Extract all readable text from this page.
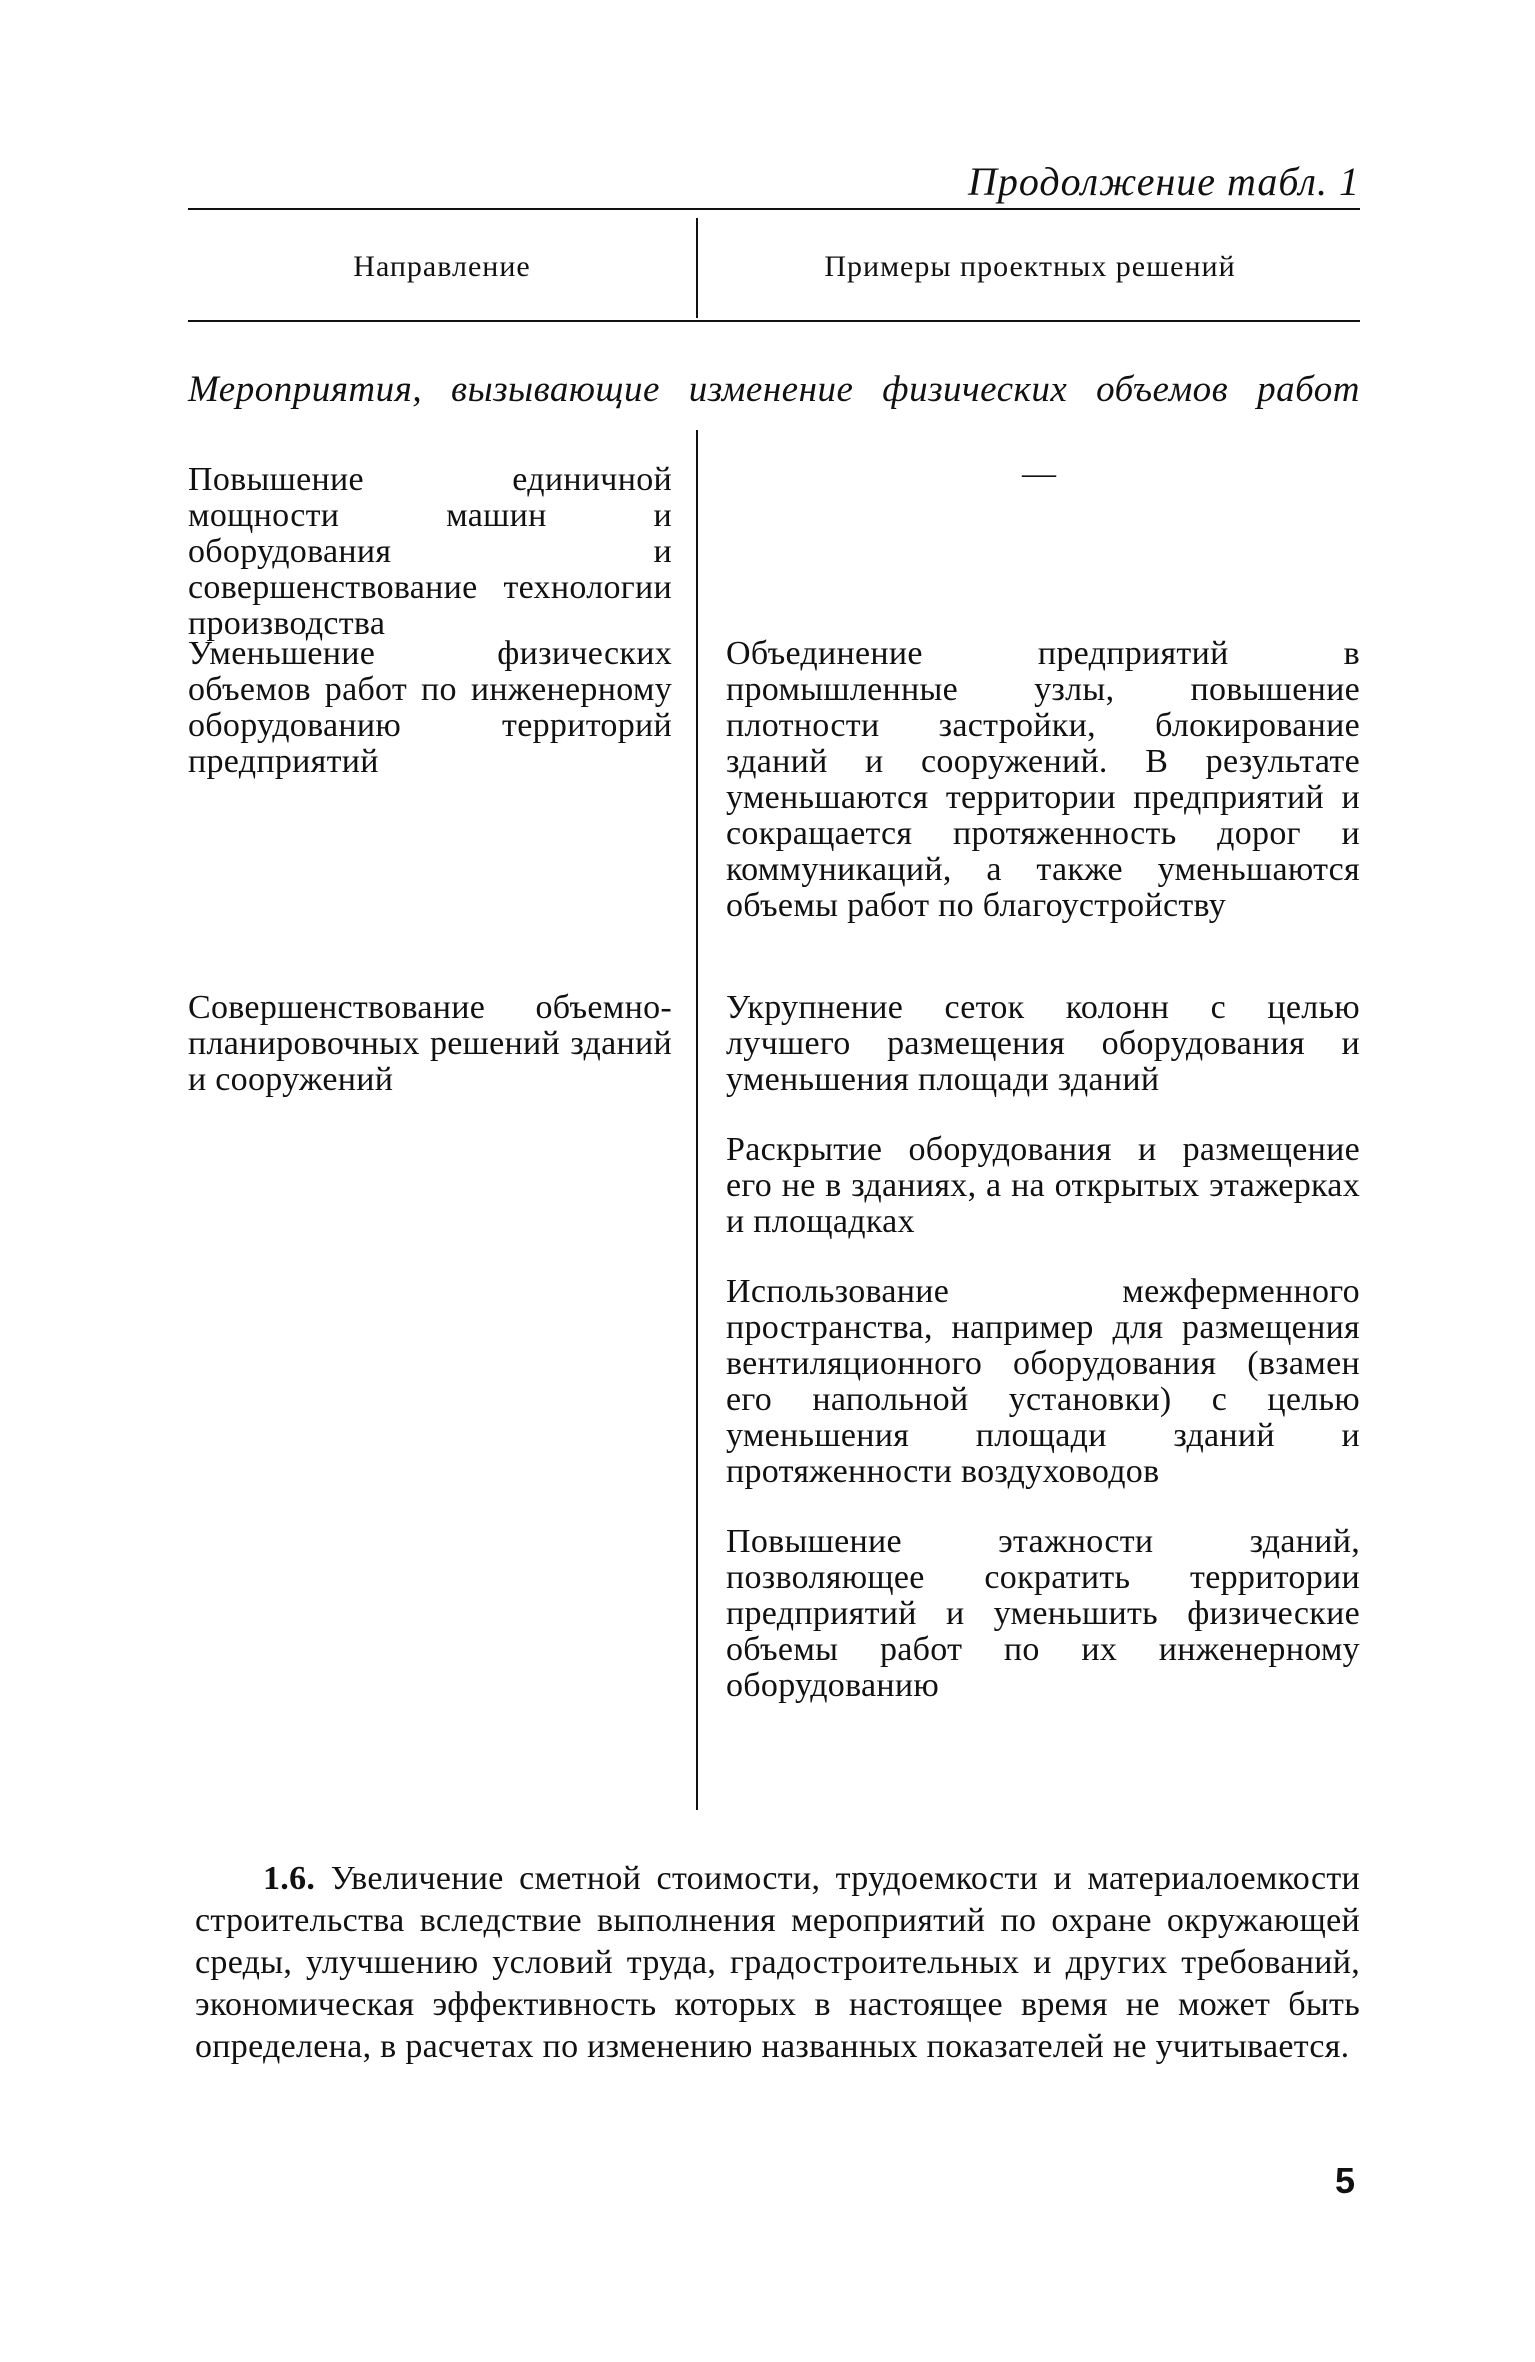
Продолжение табл. 1
Направление	Примеры проектных решений
Мероприятия, вызывающие изменение физических объемов работ
Повышение единичной мощности машин и оборудования и совершенствование технологии производства
—
Уменьшение физических объемов работ по инженерному оборудованию территорий предприятий
Объединение предприятий в промышленные узлы, повышение плотности застройки, блокирование зданий и сооружений. В результате уменьшаются территории предприятий и сокращается протяженность дорог и коммуникаций, а также уменьшаются объемы работ по благоустройству
Совершенствование объемно-планировочных решений зданий и сооружений
Укрупнение сеток колонн с целью лучшего размещения оборудования и уменьшения площади зданий
Раскрытие оборудования и размещение его не в зданиях, а на открытых этажерках и площадках
Использование межферменного пространства, например для размещения вентиляционного оборудования (взамен его напольной установки) с целью уменьшения площади зданий и протяженности воздуховодов
Повышение этажности зданий, позволяющее сократить территории предприятий и уменьшить физические объемы работ по их инженерному оборудованию
1.6. Увеличение сметной стоимости, трудоемкости и материалоемкости строительства вследствие выполнения мероприятий по охране окружающей среды, улучшению условий труда, градостроительных и других требований, экономическая эффективность которых в настоящее время не может быть определена, в расчетах по изменению названных показателей не учитывается.
5
